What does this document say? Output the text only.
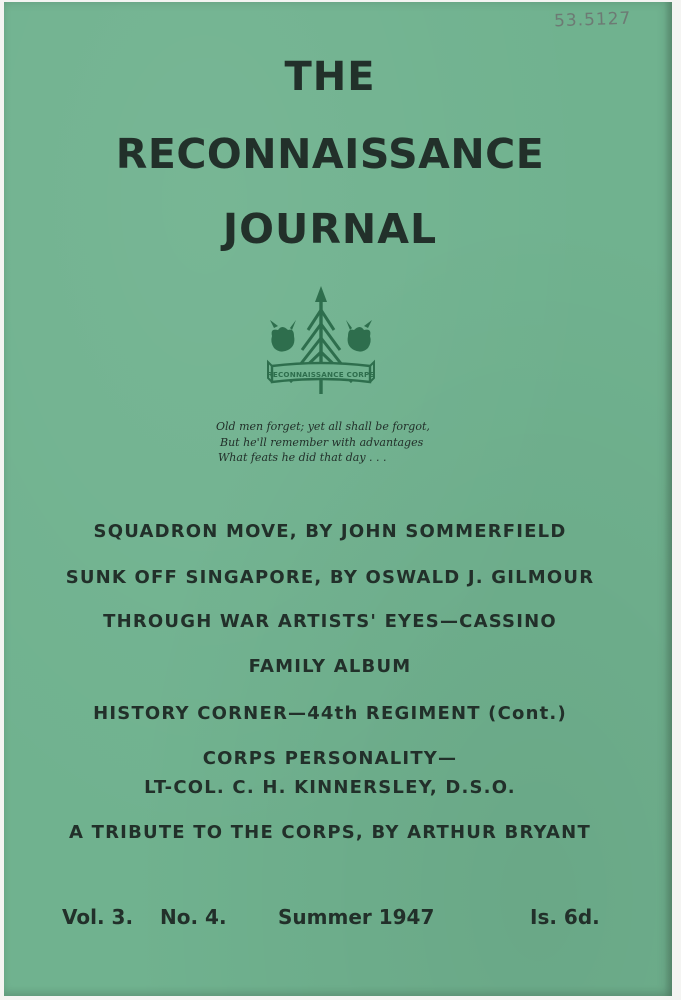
53.5127
THE
RECONNAISSANCE
JOURNAL
RECONNAISSANCE CORPS
Old men forget; yet all shall be forgot,
But he'll remember with advantages
What feats he did that day . . .
SQUADRON MOVE, BY JOHN SOMMERFIELD
SUNK OFF SINGAPORE, BY OSWALD J. GILMOUR
THROUGH WAR ARTISTS' EYES—CASSINO
FAMILY ALBUM
HISTORY CORNER—44th REGIMENT (Cont.)
CORPS PERSONALITY—
LT-COL. C. H. KINNERSLEY, D.S.O.
A TRIBUTE TO THE CORPS, BY ARTHUR BRYANT
Vol. 3. No. 4.	Summer 1947	Is. 6d.
